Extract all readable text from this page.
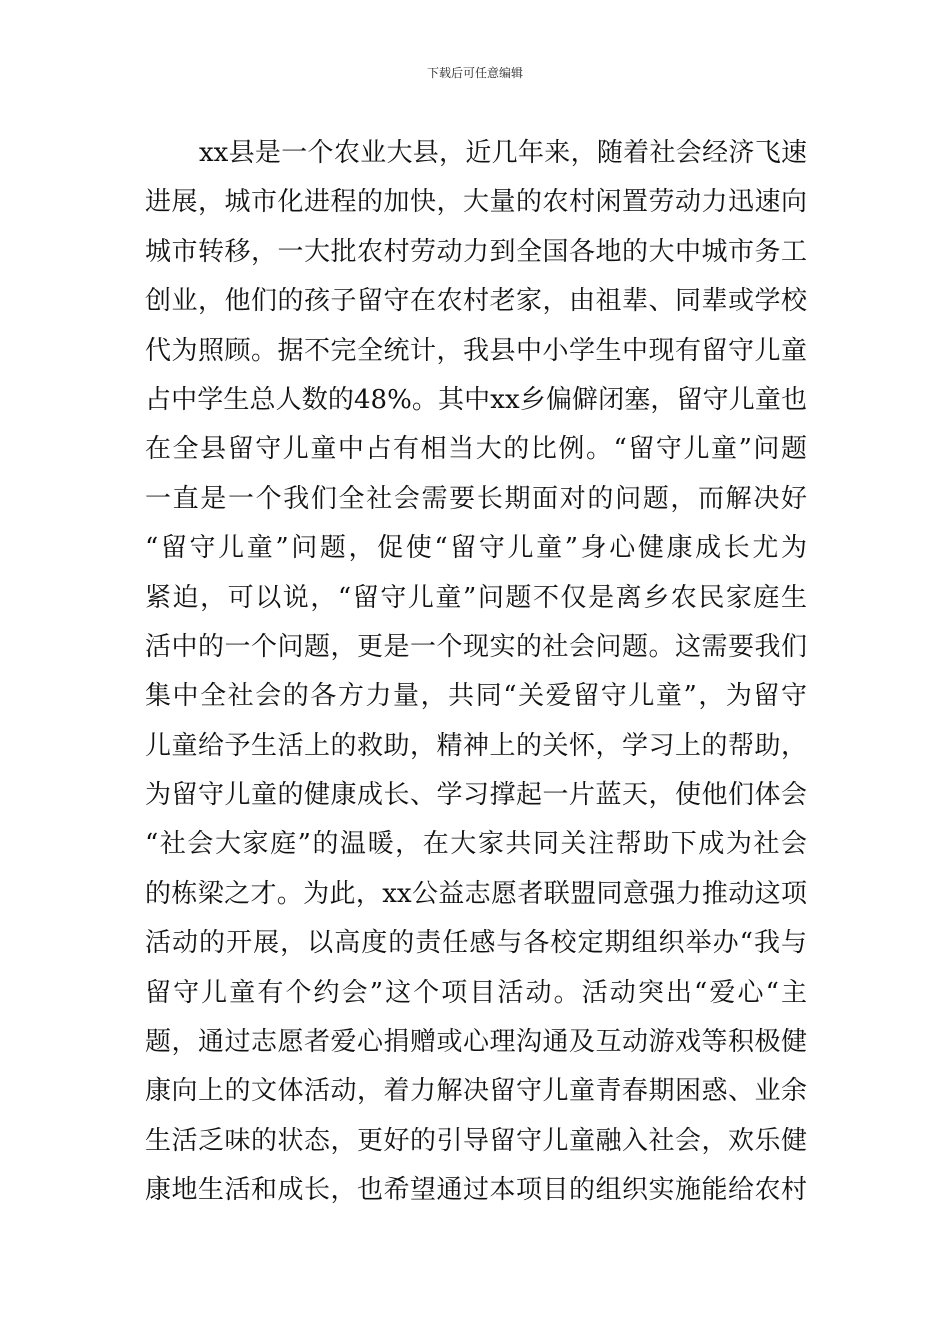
下载后可任意编辑
xx县是一个农业大县，近几年来，随着社会经济飞速
进展，城市化进程的加快，大量的农村闲置劳动力迅速向
城市转移，一大批农村劳动力到全国各地的大中城市务工
创业，他们的孩子留守在农村老家，由祖辈、同辈或学校
代为照顾。据不完全统计，我县中小学生中现有留守儿童
占中学生总人数的48%。其中xx乡偏僻闭塞，留守儿童也
在全县留守儿童中占有相当大的比例。“留守儿童”问题
一直是一个我们全社会需要长期面对的问题，而解决好
“留守儿童”问题，促使“留守儿童”身心健康成长尤为
紧迫，可以说，“留守儿童”问题不仅是离乡农民家庭生
活中的一个问题，更是一个现实的社会问题。这需要我们
集中全社会的各方力量，共同“关爱留守儿童”，为留守
儿童给予生活上的救助，精神上的关怀，学习上的帮助，
为留守儿童的健康成长、学习撑起一片蓝天，使他们体会
“社会大家庭”的温暖，在大家共同关注帮助下成为社会
的栋梁之才。为此，xx公益志愿者联盟同意强力推动这项
活动的开展，以高度的责任感与各校定期组织举办“我与
留守儿童有个约会”这个项目活动。活动突出“爱心“主
题，通过志愿者爱心捐赠或心理沟通及互动游戏等积极健
康向上的文体活动，着力解决留守儿童青春期困惑、业余
生活乏味的状态，更好的引导留守儿童融入社会，欢乐健
康地生活和成长，也希望通过本项目的组织实施能给农村
